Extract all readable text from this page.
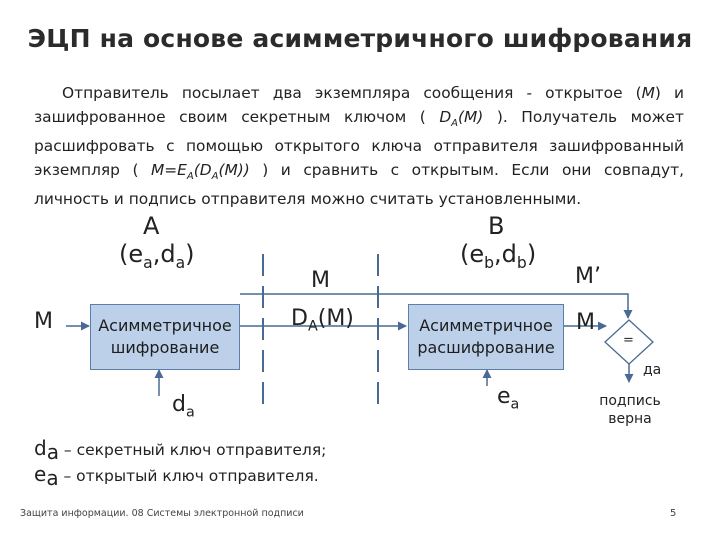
ЭЦП на основе асимметричного шифрования

Отправитель посылает два экземпляра сообщения - открытое (M) и зашифрованное своим секретным ключом ( $D_A(M)$ ). Получатель может расшифровать с помощью открытого ключа отправителя зашифрованный экземпляр ( $M=E_A(D_A(M))$ ) и сравнить с открытым. Если они совпадут, личность и подпись отправителя можно считать установленными.

A
$(e_a,d_a)$
B
$(e_b,d_b)$
M
M
$D_A(M)$
M’
M
$d_a$
$e_a$
=
да
подпись верна
Асимметричное
шифрование
Асимметричное
расшифрование
$d_a$ – секретный ключ отправителя;
$e_a$ – открытый ключ отправителя.
Защита информации. 08 Системы электронной подписи	5
